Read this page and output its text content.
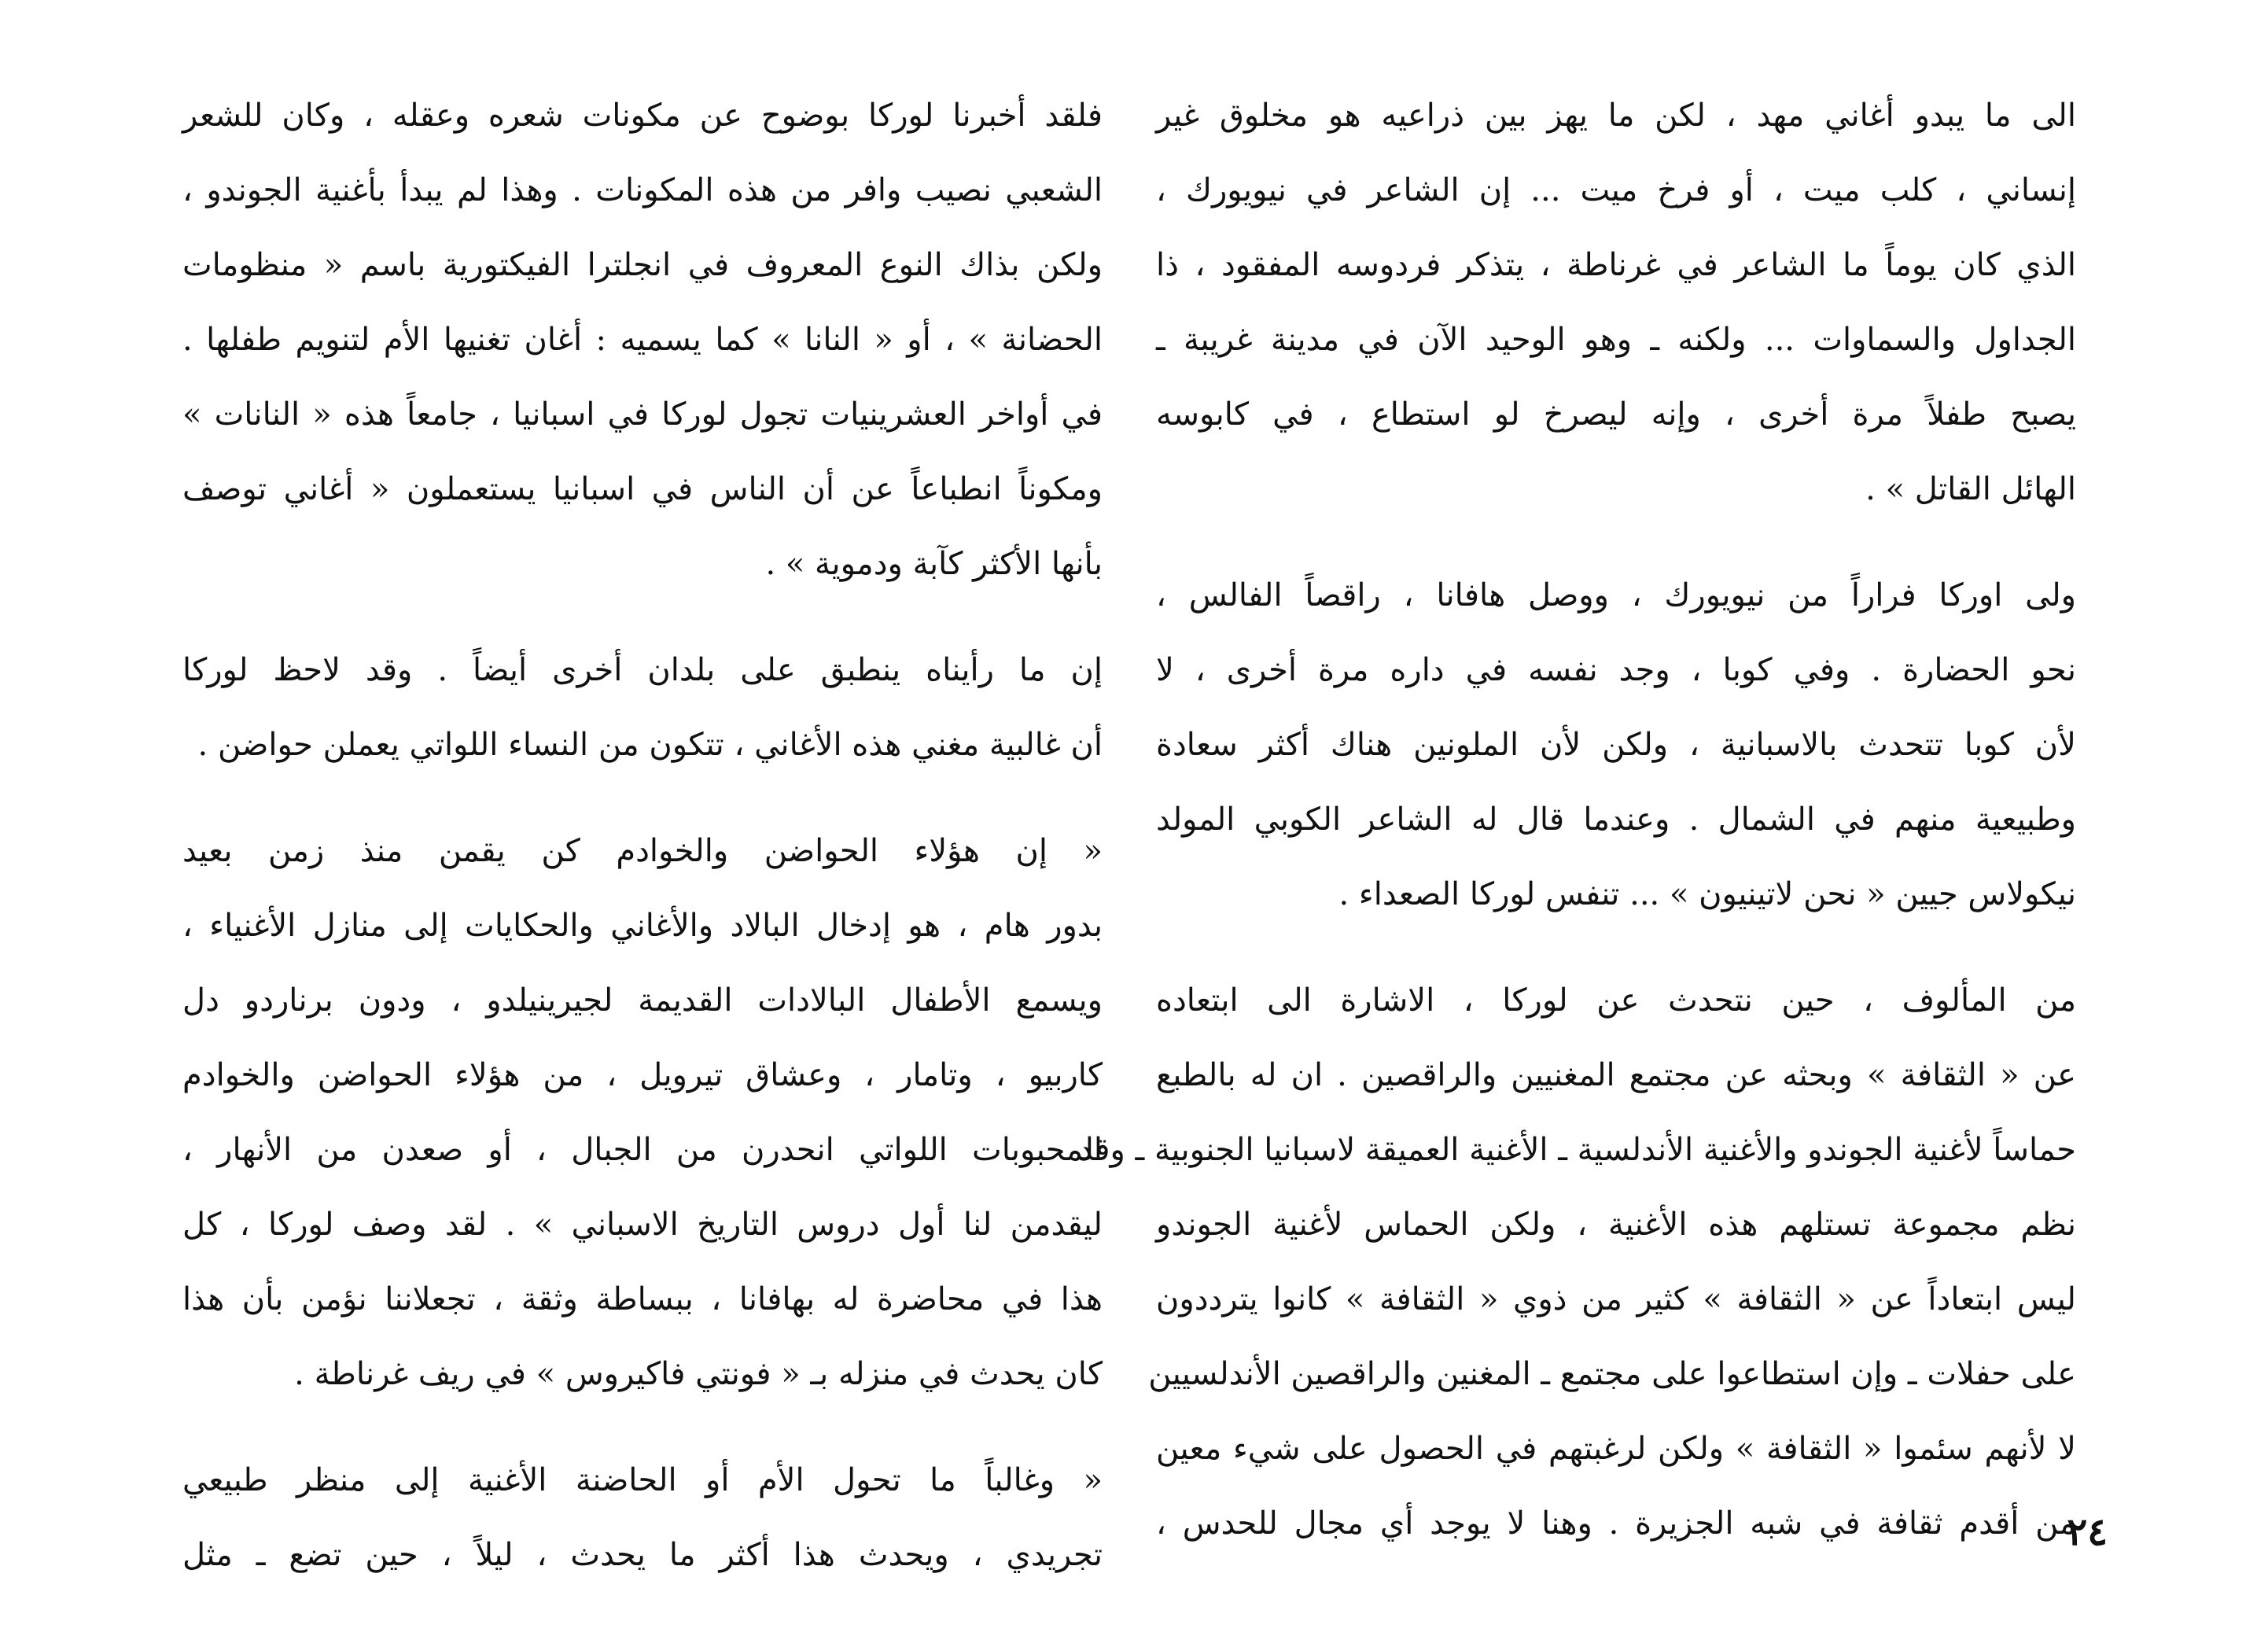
الى ما يبدو أغاني مهد ، لكن ما يهز بين ذراعيه هو مخلوق غير

إنساني ، كلب ميت ، أو فرخ ميت ... إن الشاعر في نيويورك ،

الذي كان يوماً ما الشاعر في غرناطة ، يتذكر فردوسه المفقود ، ذا

الجداول والسماوات ... ولكنه ـ وهو الوحيد الآن في مدينة غريبة ـ

يصبح طفلاً مرة أخرى ، وإنه ليصرخ لو استطاع ، في كابوسه

الهائل القاتل » .

ولى اوركا فراراً من نيويورك ، ووصل هافانا ، راقصاً الفالس ،

نحو الحضارة . وفي كوبا ، وجد نفسه في داره مرة أخرى ، لا

لأن كوبا تتحدث بالاسبانية ، ولكن لأن الملونين هناك أكثر سعادة

وطبيعية منهم في الشمال . وعندما قال له الشاعر الكوبي المولد

نيكولاس جيين « نحن لاتينيون » ... تنفس لوركا الصعداء .

من المألوف ، حين نتحدث عن لوركا ، الاشارة الى ابتعاده

عن « الثقافة » وبحثه عن مجتمع المغنيين والراقصين . ان له بالطبع

حماساً لأغنية الجوندو والأغنية الأندلسية ـ الأغنية العميقة لاسبانيا الجنوبية ـ وقد

نظم مجموعة تستلهم هذه الأغنية ، ولكن الحماس لأغنية الجوندو

ليس ابتعاداً عن « الثقافة » كثير من ذوي « الثقافة » كانوا يترددون

على حفلات ـ وإن استطاعوا على مجتمع ـ المغنين والراقصين الأندلسيين

لا لأنهم سئموا « الثقافة » ولكن لرغبتهم في الحصول على شيء معين

من أقدم ثقافة في شبه الجزيرة . وهنا لا يوجد أي مجال للحدس ،

فلقد أخبرنا لوركا بوضوح عن مكونات شعره وعقله ، وكان للشعر

الشعبي نصيب وافر من هذه المكونات . وهذا لم يبدأ بأغنية الجوندو ،

ولكن بذاك النوع المعروف في انجلترا الفيكتورية باسم « منظومات

الحضانة » ، أو « النانا » كما يسميه : أغان تغنيها الأم لتنويم طفلها .

في أواخر العشرينيات تجول لوركا في اسبانيا ، جامعاً هذه « النانات »

ومكوناً انطباعاً عن أن الناس في اسبانيا يستعملون « أغاني توصف

بأنها الأكثر كآبة ودموية » .

إن ما رأيناه ينطبق على بلدان أخرى أيضاً . وقد لاحظ لوركا

أن غالبية مغني هذه الأغاني ، تتكون من النساء اللواتي يعملن حواضن .

« إن هؤلاء الحواضن والخوادم كن يقمن منذ زمن بعيد

بدور هام ، هو إدخال البالاد والأغاني والحكايات إلى منازل الأغنياء ،

ويسمع الأطفال البالادات القديمة لجيرينيلدو ، ودون برناردو دل

كاربيو ، وتامار ، وعشاق تيرويل ، من هؤلاء الحواضن والخوادم

المحبوبات اللواتي انحدرن من الجبال ، أو صعدن من الأنهار ،

ليقدمن لنا أول دروس التاريخ الاسباني » . لقد وصف لوركا ، كل

هذا في محاضرة له بهافانا ، ببساطة وثقة ، تجعلاننا نؤمن بأن هذا

كان يحدث في منزله بـ « فونتي فاكيروس » في ريف غرناطة .

« وغالباً ما تحول الأم أو الحاضنة الأغنية إلى منظر طبيعي

تجريدي ، ويحدث هذا أكثر ما يحدث ، ليلاً ، حين تضع ـ مثل

٢٤
